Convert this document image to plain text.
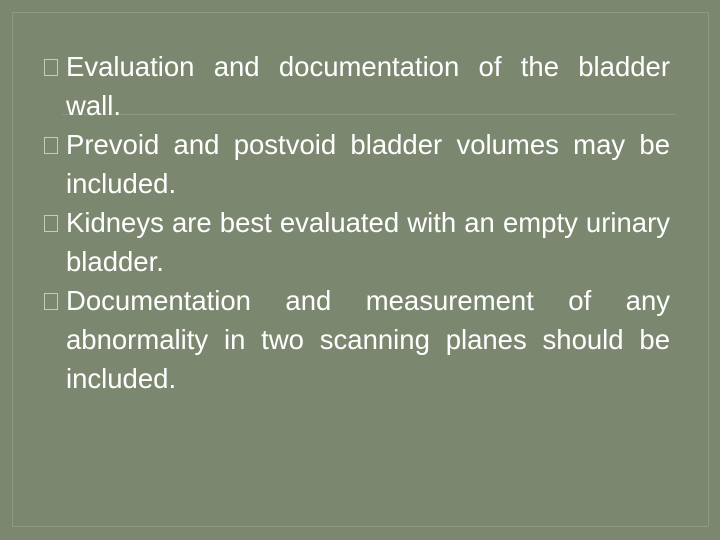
Evaluation and documentation of the bladder wall.
Prevoid and postvoid bladder volumes may be included.
Kidneys are best evaluated with an empty urinary bladder.
Documentation and measurement of any abnormality in two scanning planes should be included.
